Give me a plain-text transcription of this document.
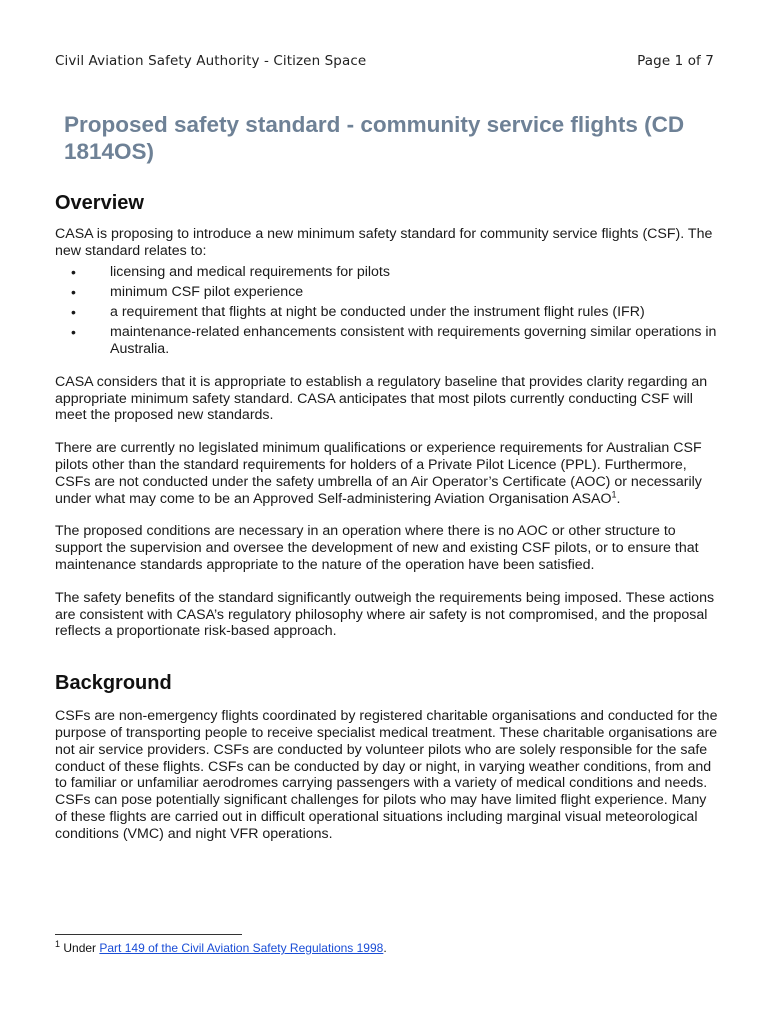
Civil Aviation Safety Authority - Citizen Space	Page 1 of 7
Proposed safety standard - community service flights (CD 1814OS)
Overview

CASA is proposing to introduce a new minimum safety standard for community service flights (CSF). The new standard relates to:

• licensing and medical requirements for pilots
• minimum CSF pilot experience
• a requirement that flights at night be conducted under the instrument flight rules (IFR)
• maintenance-related enhancements consistent with requirements governing similar operations in Australia.

CASA considers that it is appropriate to establish a regulatory baseline that provides clarity regarding an appropriate minimum safety standard. CASA anticipates that most pilots currently conducting CSF will meet the proposed new standards.

There are currently no legislated minimum qualifications or experience requirements for Australian CSF pilots other than the standard requirements for holders of a Private Pilot Licence (PPL). Furthermore, CSFs are not conducted under the safety umbrella of an Air Operator’s Certificate (AOC) or necessarily under what may come to be an Approved Self-administering Aviation Organisation ASAO$^1$.

The proposed conditions are necessary in an operation where there is no AOC or other structure to support the supervision and oversee the development of new and existing CSF pilots, or to ensure that maintenance standards appropriate to the nature of the operation have been satisfied.

The safety benefits of the standard significantly outweigh the requirements being imposed. These actions are consistent with CASA’s regulatory philosophy where air safety is not compromised, and the proposal reflects a proportionate risk-based approach.

Background

CSFs are non-emergency flights coordinated by registered charitable organisations and conducted for the purpose of transporting people to receive specialist medical treatment. These charitable organisations are not air service providers. CSFs are conducted by volunteer pilots who are solely responsible for the safe conduct of these flights. CSFs can be conducted by day or night, in varying weather conditions, from and to familiar or unfamiliar aerodromes carrying passengers with a variety of medical conditions and needs. CSFs can pose potentially significant challenges for pilots who may have limited flight experience. Many of these flights are carried out in difficult operational situations including marginal visual meteorological conditions (VMC) and night VFR operations.

$^1$ Under Part 149 of the Civil Aviation Safety Regulations 1998.
